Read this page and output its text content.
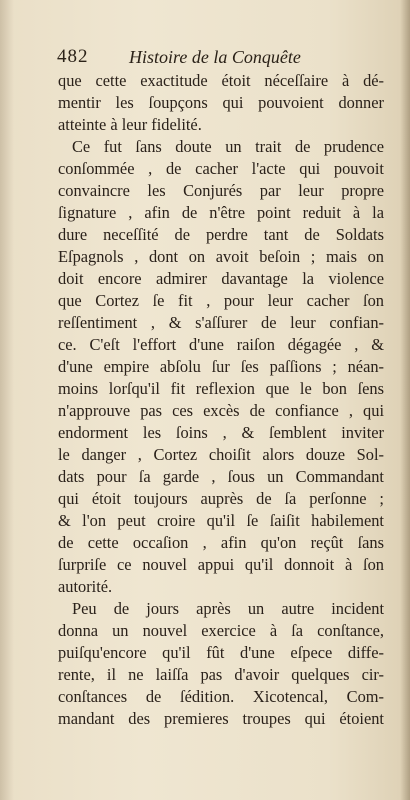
482 Histoire de la Conquête
que cette exactitude étoit néceſſaire à dé-
mentir les ſoupçons qui pouvoient donner
atteinte à leur fidelité.
Ce fut ſans doute un trait de prudence
conſommée , de cacher l'acte qui pouvoit
convaincre les Conjurés par leur propre
ſignature , afin de n'être point reduit à la
dure neceſſité de perdre tant de Soldats
Eſpagnols , dont on avoit beſoin ; mais on
doit encore admirer davantage la violence
que Cortez ſe fit , pour leur cacher ſon
reſſentiment , & s'aſſurer de leur confian-
ce. C'eſt l'effort d'une raiſon dégagée , &
d'une empire abſolu ſur ſes paſſions ; néan-
moins lorſqu'il fit reflexion que le bon ſens
n'approuve pas ces excès de confiance , qui
endorment les ſoins , & ſemblent inviter
le danger , Cortez choiſit alors douze Sol-
dats pour ſa garde , ſous un Commandant
qui étoit toujours auprès de ſa perſonne ;
& l'on peut croire qu'il ſe ſaiſit habilement
de cette occaſion , afin qu'on reçût ſans
ſurpriſe ce nouvel appui qu'il donnoit à ſon
autorité.
Peu de jours après un autre incident
donna un nouvel exercice à ſa conſtance,
puiſqu'encore qu'il fût d'une eſpece diffe-
rente, il ne laiſſa pas d'avoir quelques cir-
conſtances de ſédition. Xicotencal, Com-
mandant des premieres troupes qui étoient
